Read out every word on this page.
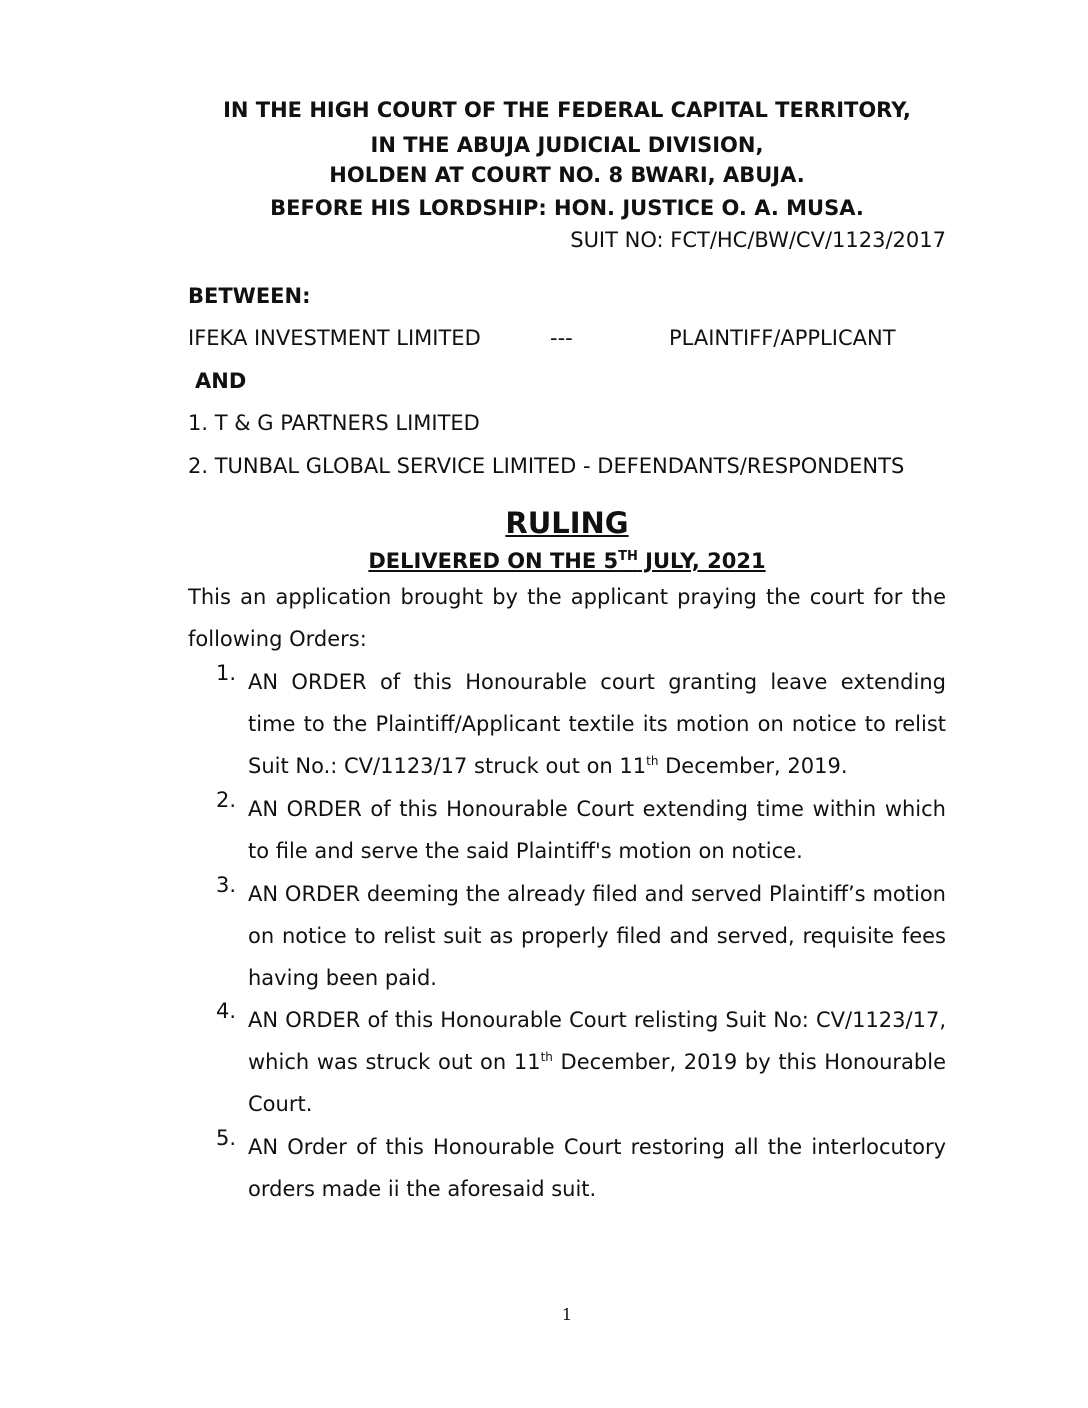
IN THE HIGH COURT OF THE FEDERAL CAPITAL TERRITORY,
IN THE ABUJA JUDICIAL DIVISION,
HOLDEN AT COURT NO. 8 BWARI, ABUJA.
BEFORE HIS LORDSHIP: HON. JUSTICE O. A. MUSA.
SUIT NO: FCT/HC/BW/CV/1123/2017
BETWEEN:
IFEKA INVESTMENT LIMITED	---	PLAINTIFF/APPLICANT
AND
1. T & G PARTNERS LIMITED
2. TUNBAL GLOBAL SERVICE LIMITED - DEFENDANTS/RESPONDENTS
RULING
DELIVERED ON THE 5TH JULY, 2021
This an application brought by the applicant praying the court for the following Orders:
1. AN ORDER of this Honourable court granting leave extending time to the Plaintiff/Applicant textile its motion on notice to relist Suit No.: CV/1123/17 struck out on 11th December, 2019.
2. AN ORDER of this Honourable Court extending time within which to file and serve the said Plaintiff's motion on notice.
3. AN ORDER deeming the already filed and served Plaintiff’s motion on notice to relist suit as properly filed and served, requisite fees having been paid.
4. AN ORDER of this Honourable Court relisting Suit No: CV/1123/17, which was struck out on 11th December, 2019 by this Honourable Court.
5. AN Order of this Honourable Court restoring all the interlocutory orders made ii the aforesaid suit.
1
